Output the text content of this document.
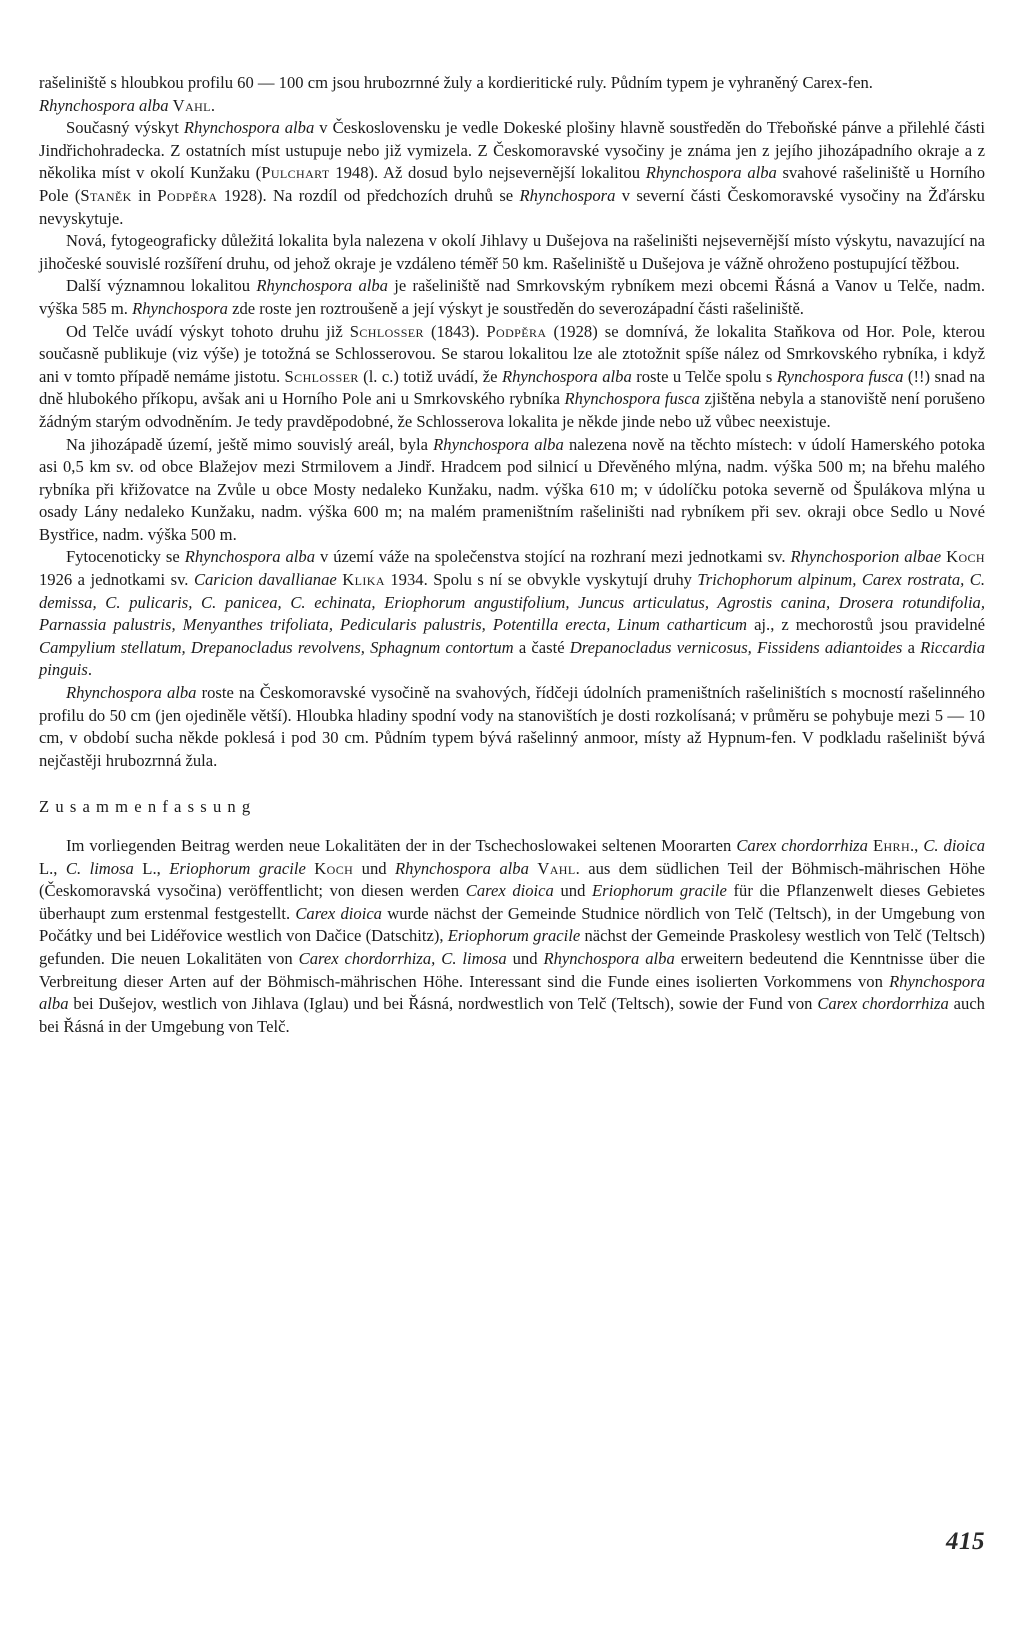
rašeliniště s hloubkou profilu 60 — 100 cm jsou hrubozrnné žuly a kordieritické ruly. Půdním typem je vyhraněný Carex-fen.

Rhynchospora alba Vahl.

Současný výskyt Rhynchospora alba v Československu je vedle Dokeské plošiny hlavně soustředěn do Třeboňské pánve a přilehlé části Jindřichohradecka. Z ostatních míst ustupuje nebo již vymizela. Z Českomoravské vysočiny je známa jen z jejího jihozápadního okraje a z několika míst v okolí Kunžaku (Pulchart 1948). Až dosud bylo nejsevernější lokalitou Rhynchospora alba svahové rašeliniště u Horního Pole (Staněk in Podpěra 1928). Na rozdíl od předchozích druhů se Rhynchospora v severní části Českomoravské vysočiny na Žďársku nevyskytuje.

Nová, fytogeograficky důležitá lokalita byla nalezena v okolí Jihlavy u Dušejova na rašeliništi nejsevernější místo výskytu, navazující na jihočeské souvislé rozšíření druhu, od jehož okraje je vzdáleno téměř 50 km. Rašeliniště u Dušejova je vážně ohroženo postupující těžbou.

Další významnou lokalitou Rhynchospora alba je rašeliniště nad Smrkovským rybníkem mezi obcemi Řásná a Vanov u Telče, nadm. výška 585 m. Rhynchospora zde roste jen roztroušeně a její výskyt je soustředěn do severozápadní části rašeliniště.

Od Telče uvádí výskyt tohoto druhu již Schlosser (1843). Podpěra (1928) se domnívá, že lokalita Staňkova od Hor. Pole, kterou současně publikuje (viz výše) je totožná se Schlosserovou. Se starou lokalitou lze ale ztotožnit spíše nález od Smrkovského rybníka, i když ani v tomto případě nemáme jistotu. Schlosser (l. c.) totiž uvádí, že Rhynchospora alba roste u Telče spolu s Rynchospora fusca (!!) snad na dně hlubokého příkopu, avšak ani u Horního Pole ani u Smrkovského rybníka Rhynchospora fusca zjištěna nebyla a stanoviště není porušeno žádným starým odvodněním. Je tedy pravděpodobné, že Schlosserova lokalita je někde jinde nebo už vůbec neexistuje.

Na jihozápadě území, ještě mimo souvislý areál, byla Rhynchospora alba nalezena nově na těchto místech: v údolí Hamerského potoka asi 0,5 km sv. od obce Blažejov mezi Strmilovem a Jindř. Hradcem pod silnicí u Dřevěného mlýna, nadm. výška 500 m; na břehu malého rybníka při křižovatce na Zvůle u obce Mosty nedaleko Kunžaku, nadm. výška 610 m; v údolíčku potoka severně od Špulákova mlýna u osady Lány nedaleko Kunžaku, nadm. výška 600 m; na malém prameništním rašeliništi nad rybníkem při sev. okraji obce Sedlo u Nové Bystřice, nadm. výška 500 m.

Fytocenoticky se Rhynchospora alba v území váže na společenstva stojící na rozhraní mezi jednotkami sv. Rhynchosporion albae Koch 1926 a jednotkami sv. Caricion davallianae Klika 1934. Spolu s ní se obvykle vyskytují druhy Trichophorum alpinum, Carex rostrata, C. demissa, C. pulicaris, C. panicea, C. echinata, Eriophorum angustifolium, Juncus articulatus, Agrostis canina, Drosera rotundifolia, Parnassia palustris, Menyanthes trifoliata, Pedicularis palustris, Potentilla erecta, Linum catharticum aj., z mechorostů jsou pravidelné Campylium stellatum, Drepanocladus revolvens, Sphagnum contortum a časté Drepanocladus vernicosus, Fissidens adiantoides a Riccardia pinguis.

Rhynchospora alba roste na Českomoravské vysočině na svahových, řídčeji údolních prameništních rašeliništích s mocností rašelinného profilu do 50 cm (jen ojediněle větší). Hloubka hladiny spodní vody na stanovištích je dosti rozkolísaná; v průměru se pohybuje mezi 5 — 10 cm, v období sucha někde poklesá i pod 30 cm. Půdním typem bývá rašelinný anmoor, místy až Hypnum-fen. V podkladu rašeliništ bývá nejčastěji hrubozrnná žula.

Zusammenfassung

Im vorliegenden Beitrag werden neue Lokalitäten der in der Tschechoslowakei seltenen Moorarten Carex chordorrhiza Ehrh., C. dioica L., C. limosa L., Eriophorum gracile Koch und Rhynchospora alba Vahl. aus dem südlichen Teil der Böhmisch-mährischen Höhe (Českomoravská vysočina) veröffentlicht; von diesen werden Carex dioica und Eriophorum gracile für die Pflanzenwelt dieses Gebietes überhaupt zum erstenmal festgestellt. Carex dioica wurde nächst der Gemeinde Studnice nördlich von Telč (Teltsch), in der Umgebung von Počátky und bei Lidéřovice westlich von Dačice (Datschitz), Eriophorum gracile nächst der Gemeinde Praskolesy westlich von Telč (Teltsch) gefunden. Die neuen Lokalitäten von Carex chordorrhiza, C. limosa und Rhynchospora alba erweitern bedeutend die Kenntnisse über die Verbreitung dieser Arten auf der Böhmisch-mährischen Höhe. Interessant sind die Funde eines isolierten Vorkommens von Rhynchospora alba bei Dušejov, westlich von Jihlava (Iglau) und bei Řásná, nordwestlich von Telč (Teltsch), sowie der Fund von Carex chordorrhiza auch bei Řásná in der Umgebung von Telč.

415
